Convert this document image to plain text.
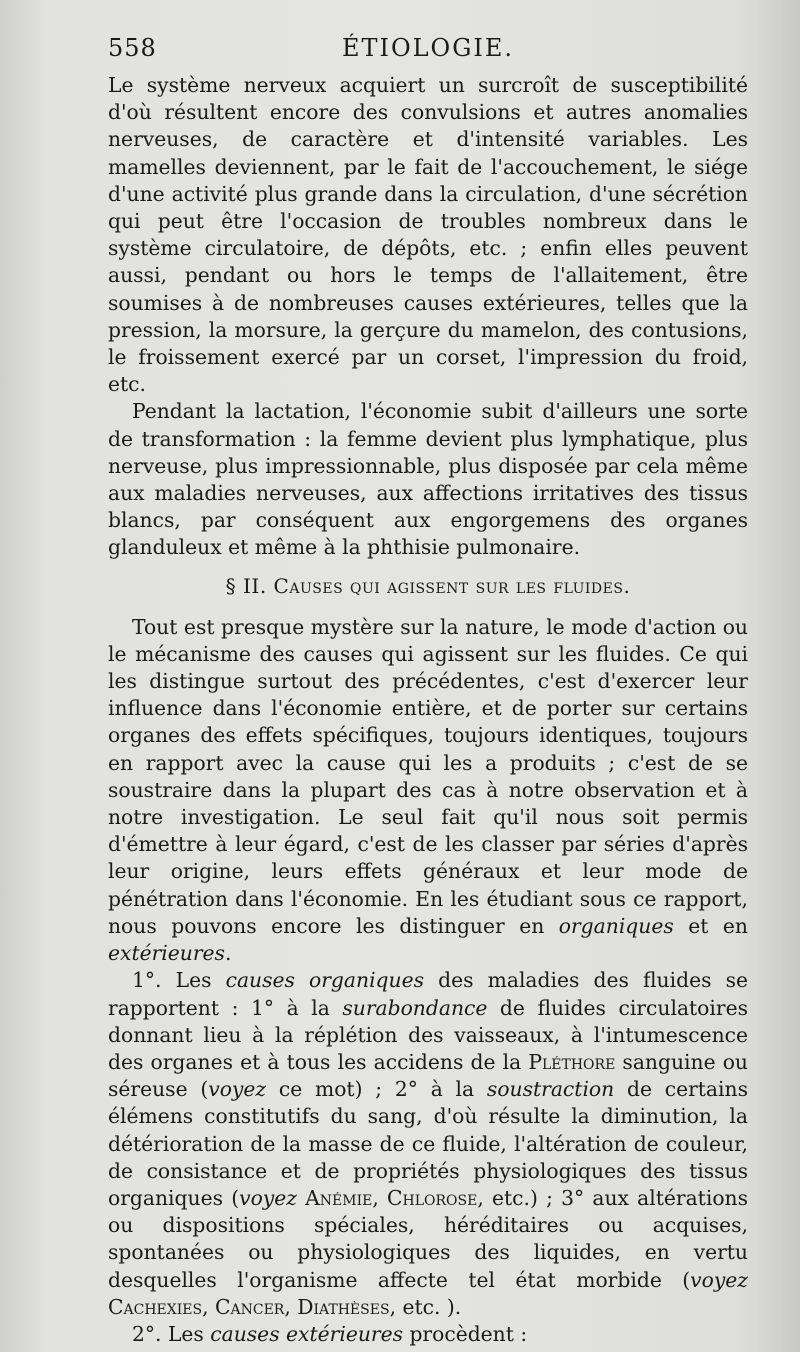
558	ÉTIOLOGIE.

Le système nerveux acquiert un surcroît de susceptibilité d'où résultent encore des convulsions et autres anomalies nerveuses, de caractère et d'intensité variables. Les mamelles deviennent, par le fait de l'accouchement, le siége d'une activité plus grande dans la circulation, d'une sécrétion qui peut être l'occasion de troubles nombreux dans le système circulatoire, de dépôts, etc. ; enfin elles peuvent aussi, pendant ou hors le temps de l'allaitement, être soumises à de nombreuses causes extérieures, telles que la pression, la morsure, la gerçure du mamelon, des contusions, le froissement exercé par un corset, l'impression du froid, etc.

Pendant la lactation, l'économie subit d'ailleurs une sorte de transformation : la femme devient plus lymphatique, plus nerveuse, plus impressionnable, plus disposée par cela même aux maladies nerveuses, aux affections irritatives des tissus blancs, par conséquent aux engorgemens des organes glanduleux et même à la phthisie pulmonaire.

§ II. Causes qui agissent sur les fluides.

Tout est presque mystère sur la nature, le mode d'action ou le mécanisme des causes qui agissent sur les fluides. Ce qui les distingue surtout des précédentes, c'est d'exercer leur influence dans l'économie entière, et de porter sur certains organes des effets spécifiques, toujours identiques, toujours en rapport avec la cause qui les a produits ; c'est de se soustraire dans la plupart des cas à notre observation et à notre investigation. Le seul fait qu'il nous soit permis d'émettre à leur égard, c'est de les classer par séries d'après leur origine, leurs effets généraux et leur mode de pénétration dans l'économie. En les étudiant sous ce rapport, nous pouvons encore les distinguer en organiques et en extérieures.

1°. Les causes organiques des maladies des fluides se rapportent : 1° à la surabondance de fluides circulatoires donnant lieu à la réplétion des vaisseaux, à l'intumescence des organes et à tous les accidens de la Pléthore sanguine ou séreuse (voyez ce mot) ; 2° à la soustraction de certains élémens constitutifs du sang, d'où résulte la diminution, la détérioration de la masse de ce fluide, l'altération de couleur, de consistance et de propriétés physiologiques des tissus organiques (voyez Anémie, Chlorose, etc.) ; 3° aux altérations ou dispositions spéciales, héréditaires ou acquises, spontanées ou physiologiques des liquides, en vertu desquelles l'organisme affecte tel état morbide (voyez Cachexies, Cancer, Diathèses, etc. ).

2°. Les causes extérieures procèdent :
